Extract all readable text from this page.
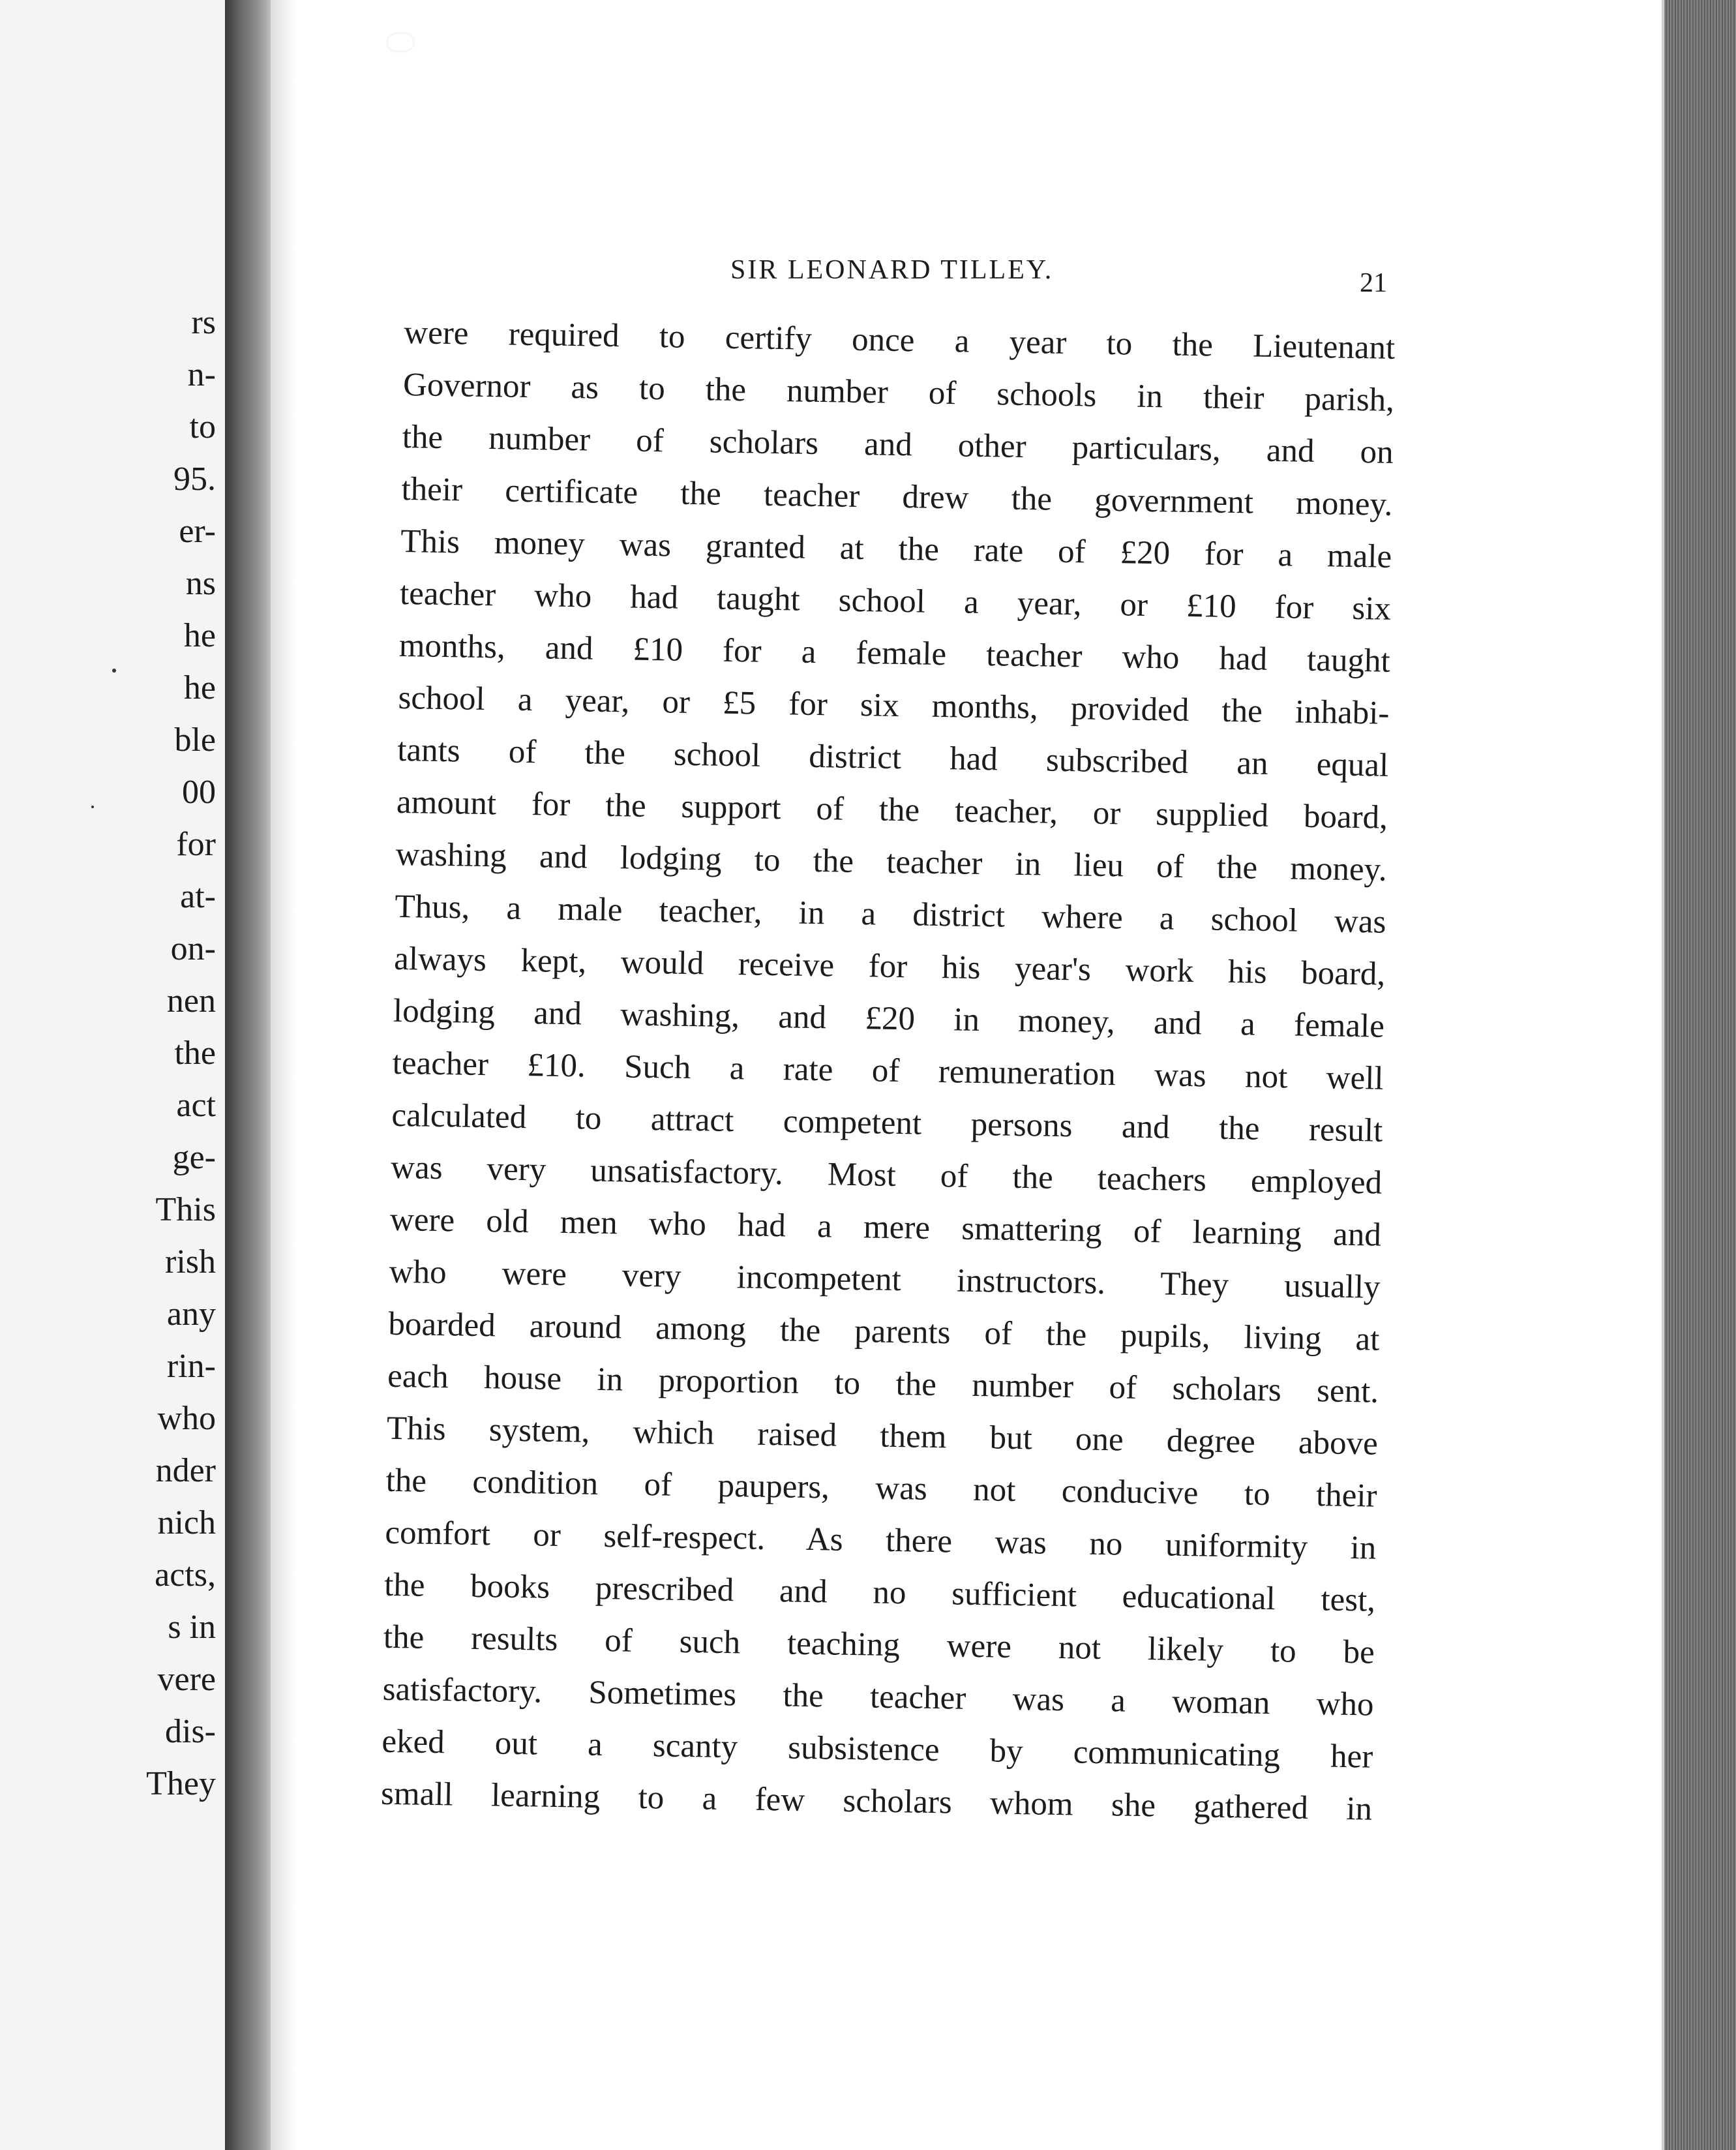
rs
n-
to
95.
er-
ns
he
he
ble
00
for
at-
on-
nen
the
act
ge-
This
rish
any
rin-
who
nder
nich
acts,
s in
vere
dis-
They
SIR LEONARD TILLEY.	21
were required to certify once a year to the Lieutenant
Governor as to the number of schools in their parish,
the number of scholars and other particulars, and on
their certificate the teacher drew the government money.
This money was granted at the rate of £20 for a male
teacher who had taught school a year, or £10 for six
months, and £10 for a female teacher who had taught
school a year, or £5 for six months, provided the inhabi-
tants of the school district had subscribed an equal
amount for the support of the teacher, or supplied board,
washing and lodging to the teacher in lieu of the money.
Thus, a male teacher, in a district where a school was
always kept, would receive for his year's work his board,
lodging and washing, and £20 in money, and a female
teacher £10. Such a rate of remuneration was not well
calculated to attract competent persons and the result
was very unsatisfactory. Most of the teachers employed
were old men who had a mere smattering of learning and
who were very incompetent instructors. They usually
boarded around among the parents of the pupils, living at
each house in proportion to the number of scholars sent.
This system, which raised them but one degree above
the condition of paupers, was not conducive to their
comfort or self-respect. As there was no uniformity in
the books prescribed and no sufficient educational test,
the results of such teaching were not likely to be
satisfactory. Sometimes the teacher was a woman who
eked out a scanty subsistence by communicating her
small learning to a few scholars whom she gathered in
